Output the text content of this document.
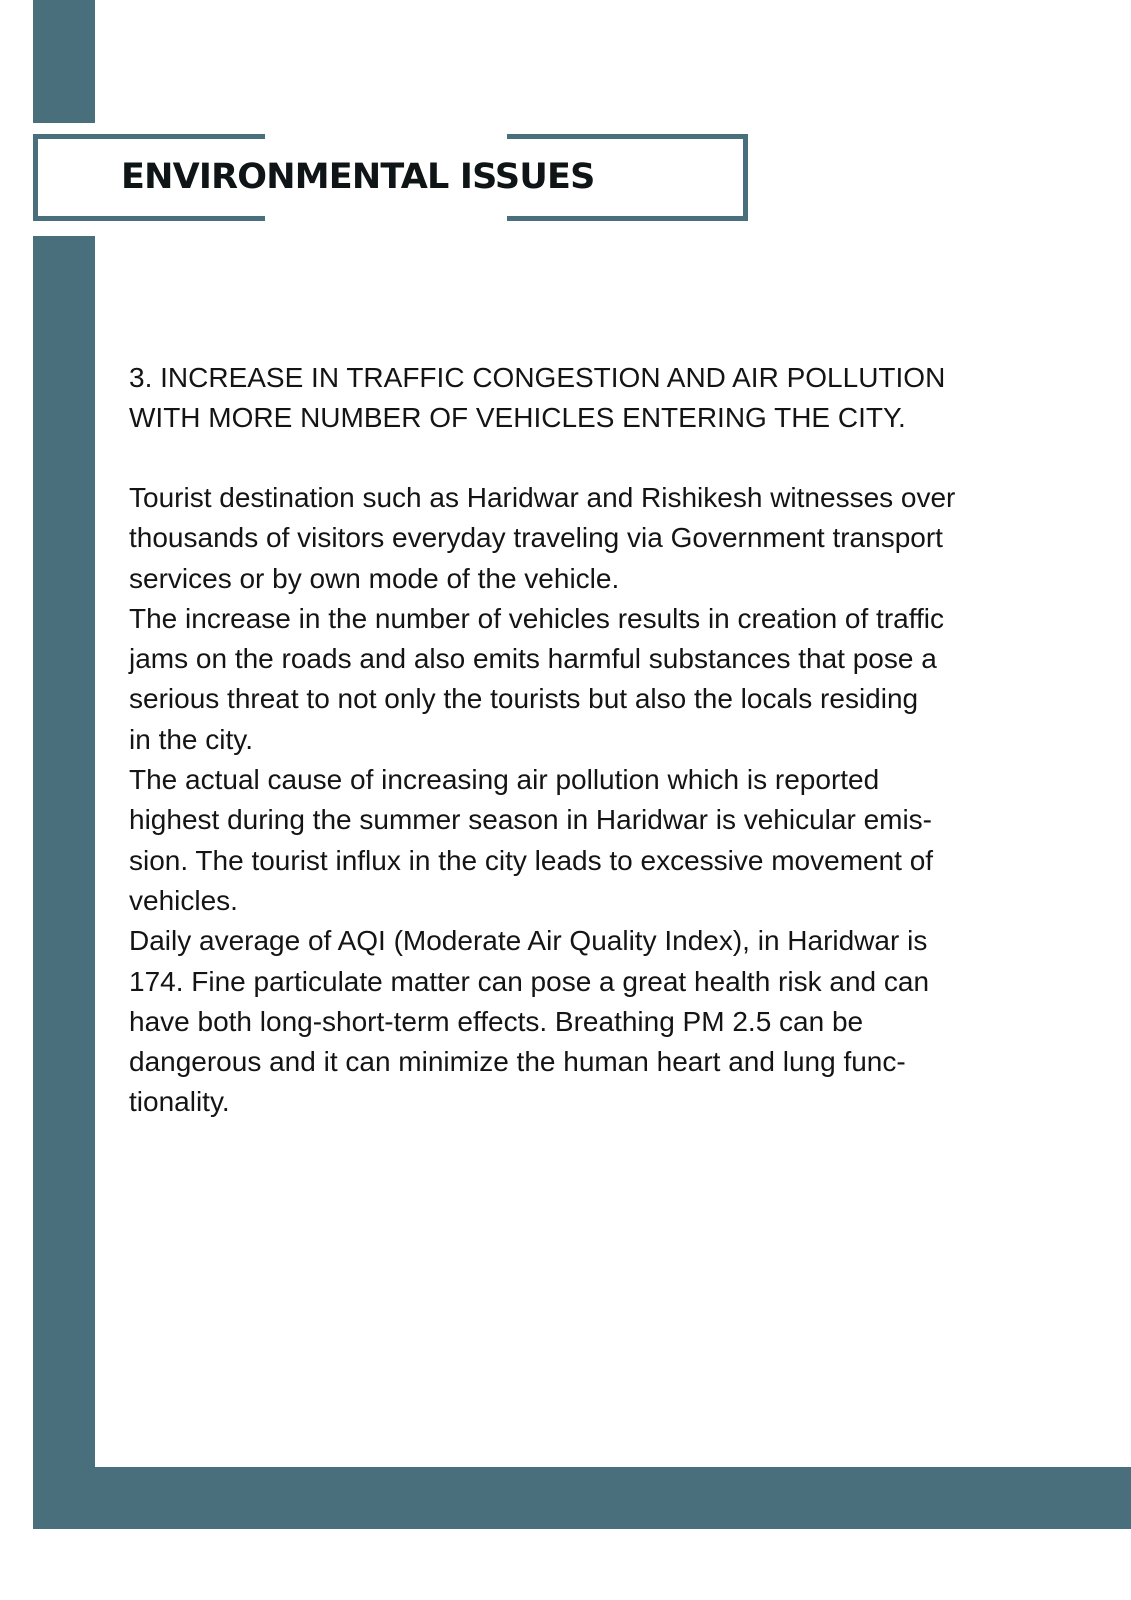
ENVIRONMENTAL ISSUES
3. INCREASE IN TRAFFIC CONGESTION AND AIR POLLUTION
WITH MORE NUMBER OF VEHICLES ENTERING THE CITY.

Tourist destination such as Haridwar and Rishikesh witnesses over
thousands of visitors everyday traveling via Government transport
services or by own mode of the vehicle.
The increase in the number of vehicles results in creation of traffic
jams on the roads and also emits harmful substances that pose a
serious threat to not only the tourists but also the locals residing
in the city.
The actual cause of increasing air pollution which is reported
highest during the summer season in Haridwar is vehicular emis-
sion. The tourist influx in the city leads to excessive movement of
vehicles.
Daily average of AQI (Moderate Air Quality Index), in Haridwar is
174. Fine particulate matter can pose a great health risk and can
have both long-short-term effects. Breathing PM 2.5 can be
dangerous and it can minimize the human heart and lung func-
tionality.
